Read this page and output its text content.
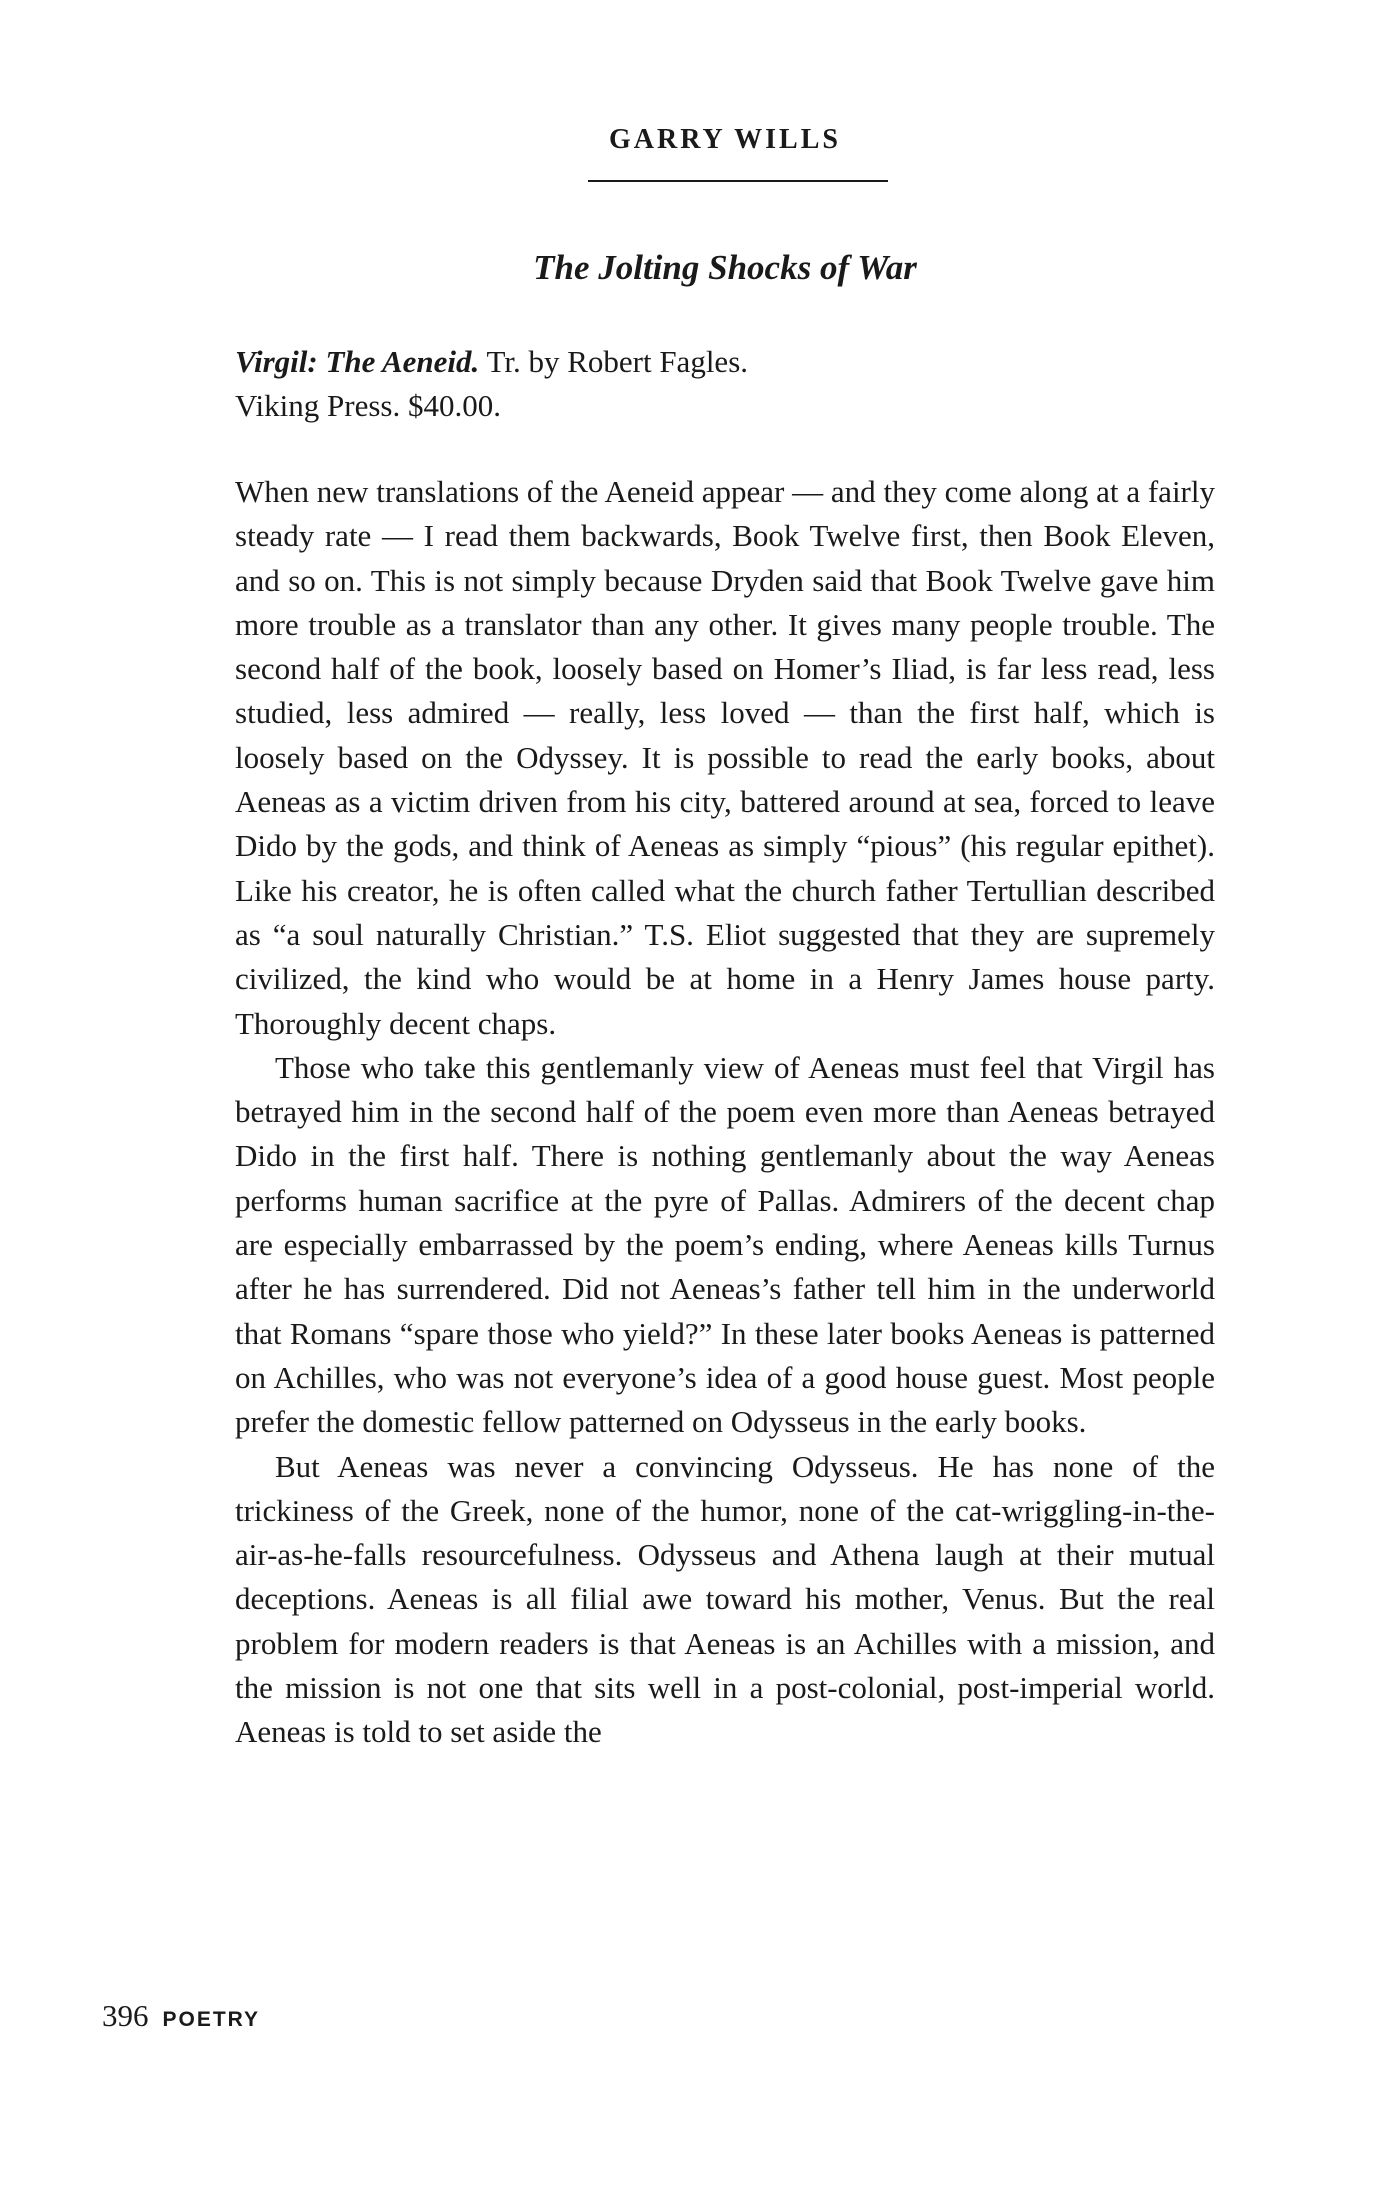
GARRY WILLS
The Jolting Shocks of War
Virgil: The Aeneid. Tr. by Robert Fagles.
Viking Press. $40.00.

When new translations of the Aeneid appear — and they come along at a fairly steady rate — I read them backwards, Book Twelve first, then Book Eleven, and so on. This is not simply because Dryden said that Book Twelve gave him more trouble as a translator than any other. It gives many people trouble. The second half of the book, loosely based on Homer’s Iliad, is far less read, less studied, less admired — really, less loved — than the first half, which is loosely based on the Odyssey. It is possible to read the early books, about Aeneas as a victim driven from his city, battered around at sea, forced to leave Dido by the gods, and think of Aeneas as simply “pious” (his regular epithet). Like his creator, he is often called what the church father Tertullian described as “a soul naturally Christian.” T.S. Eliot suggested that they are supremely civilized, the kind who would be at home in a Henry James house party. Thoroughly decent chaps.

Those who take this gentlemanly view of Aeneas must feel that Virgil has betrayed him in the second half of the poem even more than Aeneas betrayed Dido in the first half. There is nothing gentlemanly about the way Aeneas performs human sacrifice at the pyre of Pallas. Admirers of the decent chap are especially embarrassed by the poem’s ending, where Aeneas kills Turnus after he has surrendered. Did not Aeneas’s father tell him in the underworld that Romans “spare those who yield?” In these later books Aeneas is patterned on Achilles, who was not everyone’s idea of a good house guest. Most people prefer the domestic fellow patterned on Odysseus in the early books.

But Aeneas was never a convincing Odysseus. He has none of the trickiness of the Greek, none of the humor, none of the cat-wriggling-in-the-air-as-he-falls resourcefulness. Odysseus and Athena laugh at their mutual deceptions. Aeneas is all filial awe toward his mother, Venus. But the real problem for modern readers is that Aeneas is an Achilles with a mission, and the mission is not one that sits well in a post-colonial, post-imperial world. Aeneas is told to set aside the

396 POETRY
